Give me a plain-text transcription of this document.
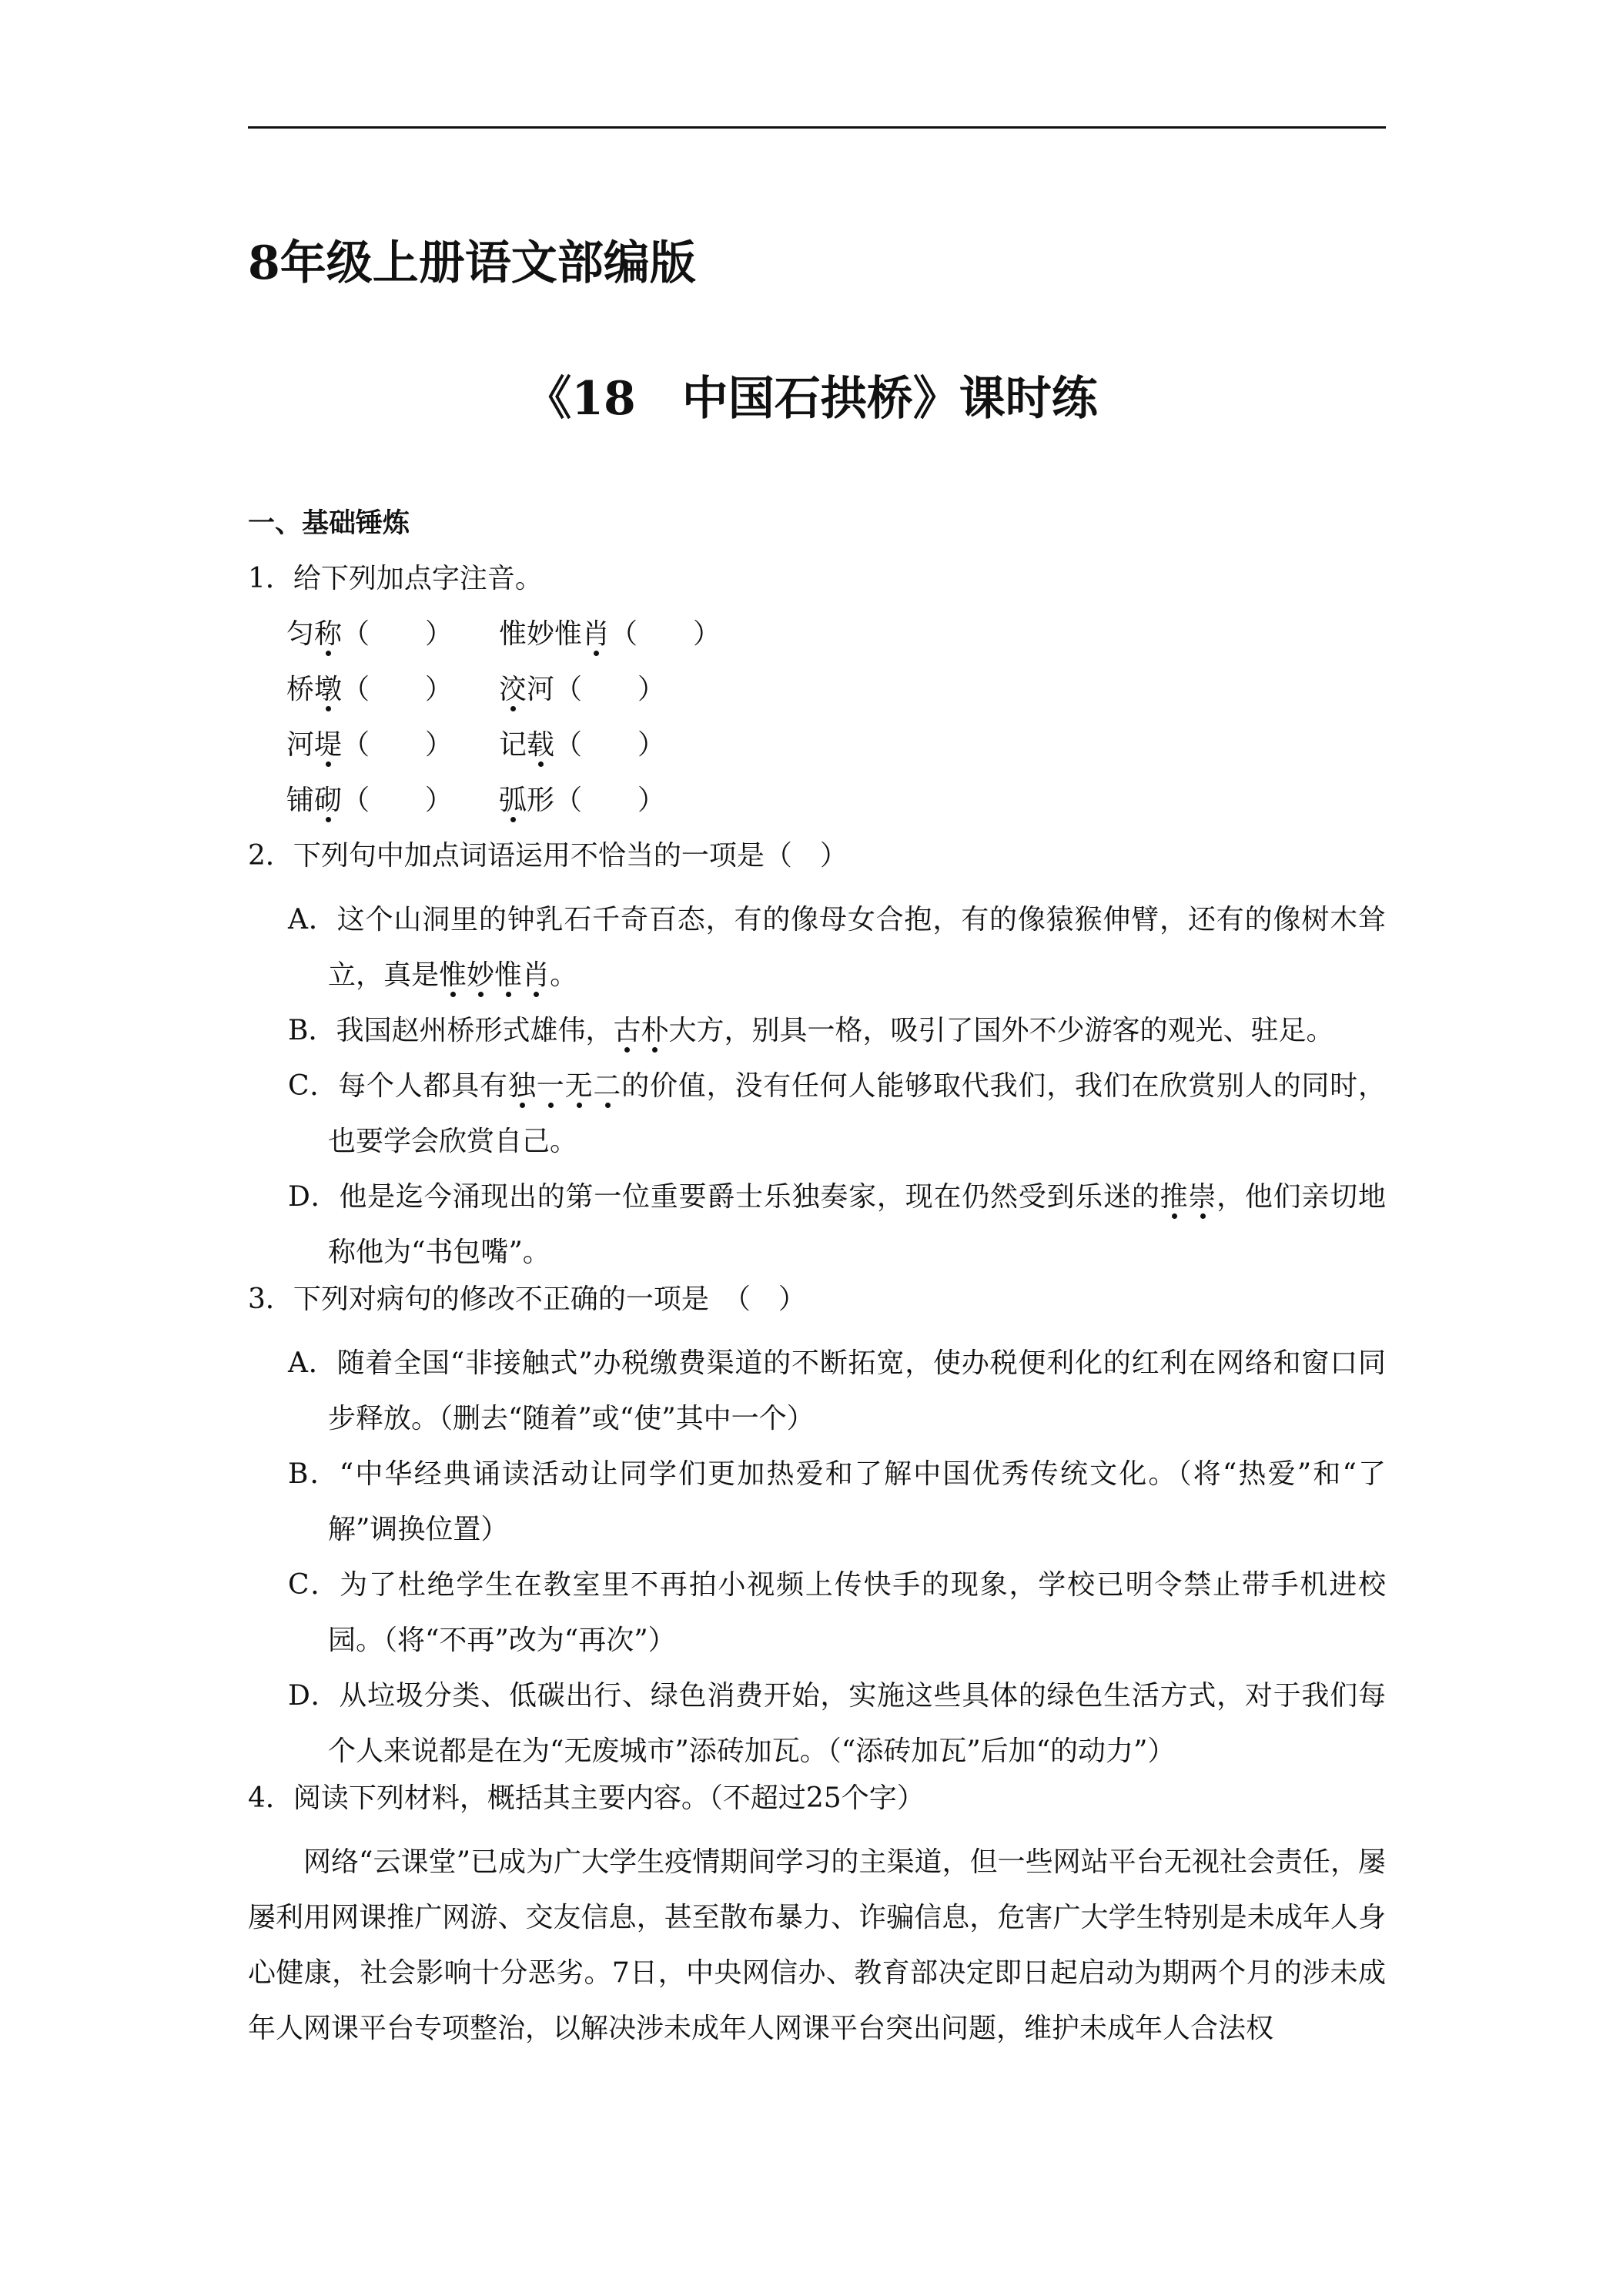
8年级上册语文部编版
《18 中国石拱桥》课时练
一、基础锤炼
1．给下列加点字注音。
匀称（　　） 惟妙惟肖（　　）
桥墩（　　） 洨河（　　）
河堤（　　） 记载（　　）
铺砌（　　） 弧形（　　）
2．下列句中加点词语运用不恰当的一项是（　）
A．这个山洞里的钟乳石千奇百态，有的像母女合抱，有的像猿猴伸臂，还有的像树木耸立，真是惟妙惟肖。
B．我国赵州桥形式雄伟，古朴大方，别具一格，吸引了国外不少游客的观光、驻足。
C．每个人都具有独一无二的价值，没有任何人能够取代我们，我们在欣赏别人的同时，也要学会欣赏自己。
D．他是迄今涌现出的第一位重要爵士乐独奏家，现在仍然受到乐迷的推崇，他们亲切地称他为“书包嘴”。
3．下列对病句的修改不正确的一项是　（　）
A．随着全国“非接触式”办税缴费渠道的不断拓宽，使办税便利化的红利在网络和窗口同步释放。（删去“随着”或“使”其中一个）
B．“中华经典诵读活动让同学们更加热爱和了解中国优秀传统文化。（将“热爱”和“了解”调换位置）
C．为了杜绝学生在教室里不再拍小视频上传快手的现象，学校已明令禁止带手机进校园。（将“不再”改为“再次”）
D．从垃圾分类、低碳出行、绿色消费开始，实施这些具体的绿色生活方式，对于我们每个人来说都是在为“无废城市”添砖加瓦。（“添砖加瓦”后加“的动力”）
4．阅读下列材料，概括其主要内容。（不超过25个字）
网络“云课堂”已成为广大学生疫情期间学习的主渠道，但一些网站平台无视社会责任，屡屡利用网课推广网游、交友信息，甚至散布暴力、诈骗信息，危害广大学生特别是未成年人身心健康，社会影响十分恶劣。7日，中央网信办、教育部决定即日起启动为期两个月的涉未成年人网课平台专项整治，以解决涉未成年人网课平台突出问题，维护未成年人合法权
